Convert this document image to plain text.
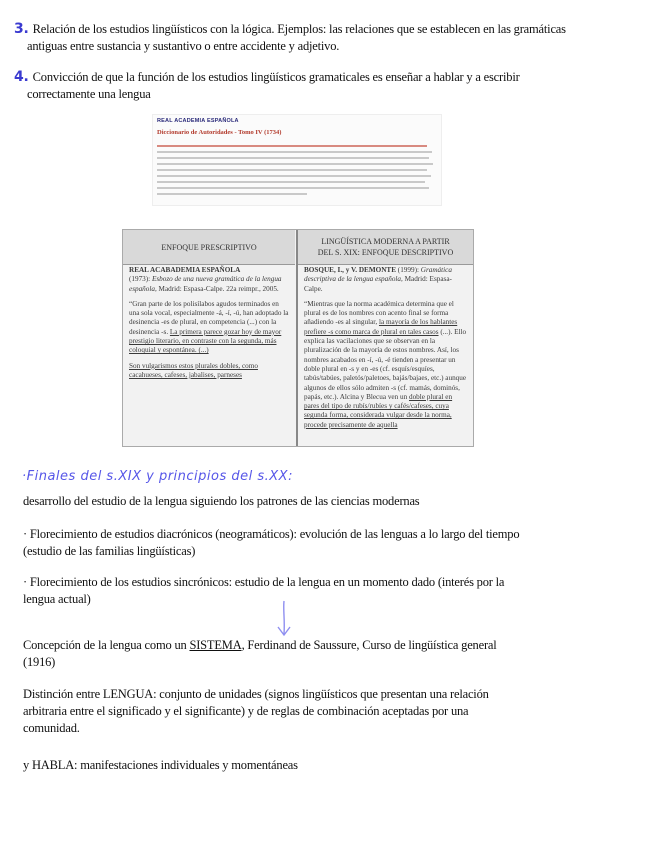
3. Relación de los estudios lingüísticos con la lógica. Ejemplos: las relaciones que se establecen en las gramáticas
antiguas entre sustancia y sustantivo o entre accidente y adjetivo.
4. Convicción de que la función de los estudios lingüísticos gramaticales es enseñar a hablar y a escribir
correctamente una lengua
REAL ACADEMIA ESPAÑOLA
Diccionario de Autoridades - Tomo IV (1734)
ENFOQUE PRESCRIPTIVO
LINGÜÍSTICA MODERNA A PARTIR
DEL S. XIX: ENFOQUE DESCRIPTIVO

REAL ACABADEMIA ESPAÑOLA
(1973): Esbozo de una nueva gramática de la lengua española, Madrid: Espasa-Calpe. 22a reimpr., 2005.

“Gran parte de los polisílabos agudos terminados en una sola vocal, especialmente -á, -í, -ú, han adoptado la desinencia -es de plural, en competencia (...) con la desinencia -s. La primera parece gozar hoy de mayor prestigio literario, en contraste con la segunda, más coloquial y espontánea. (...)

Son vulgarismos estos plurales dobles, como cacahueses, cafeses, jabalises, parneses

BOSQUE, I., y V. DEMONTE (1999): Gramática descriptiva de la lengua española, Madrid: Espasa-Calpe.

“Mientras que la norma académica determina que el plural es de los nombres con acento final se forma añadiendo -es al singular, la mayoría de los hablantes prefiere -s como marca de plural en tales casos (...). Ello explica las vacilaciones que se observan en la pluralización de la mayoría de estos nombres. Así, los nombres acabados en -í, -ú, -é tienden a presentar un doble plural en -s y en -es (cf. esquís/esquíes, tabús/tabúes, paletós/paletoes, bajás/bajaes, etc.) aunque algunos de ellos sólo admiten -s (cf. mamás, dominós, papás, etc.). Alcina y Blecua ven un doble plural en pares del tipo de rubís/rubíes y cafés/cafeses, cuya segunda forma, considerada vulgar desde la norma, procede precisamente de aquella

·Finales del s.XIX y principios del s.XX:
desarrollo del estudio de la lengua siguiendo los patrones de las ciencias modernas
· Florecimiento de estudios diacrónicos (neogramáticos): evolución de las lenguas a lo largo del tiempo
(estudio de las familias lingüísticas)
· Florecimiento de los estudios sincrónicos: estudio de la lengua en un momento dado (interés por la
lengua actual)
Concepción de la lengua como un SISTEMA, Ferdinand de Saussure, Curso de lingüística general
(1916)
Distinción entre LENGUA: conjunto de unidades (signos lingüísticos que presentan una relación
arbitraria entre el significado y el significante) y de reglas de combinación aceptadas por una
comunidad.
y HABLA: manifestaciones individuales y momentáneas
